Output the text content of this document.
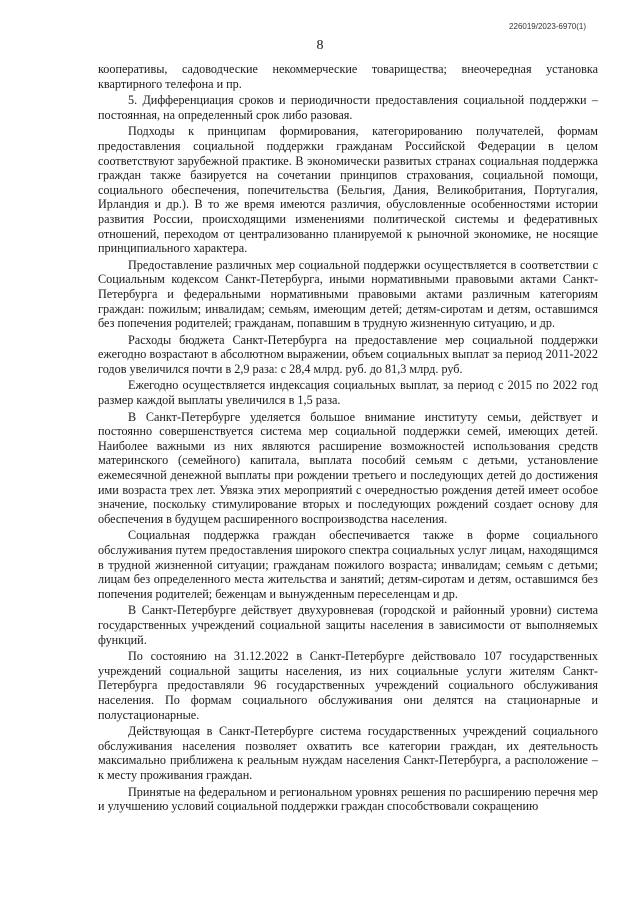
226019/2023-6970(1)
8

кооперативы, садоводческие некоммерческие товарищества; внеочередная установка квартирного телефона и пр.

5. Дифференциация сроков и периодичности предоставления социальной поддержки – постоянная, на определенный срок либо разовая.

Подходы к принципам формирования, категорированию получателей, формам предоставления социальной поддержки гражданам Российской Федерации в целом соответствуют зарубежной практике. В экономически развитых странах социальная поддержка граждан также базируется на сочетании принципов страхования, социальной помощи, социального обеспечения, попечительства (Бельгия, Дания, Великобритания, Португалия, Ирландия и др.). В то же время имеются различия, обусловленные особенностями истории развития России, происходящими изменениями политической системы и федеративных отношений, переходом от централизованно планируемой к рыночной экономике, не носящие принципиального характера.

Предоставление различных мер социальной поддержки осуществляется в соответствии с Социальным кодексом Санкт-Петербурга, иными нормативными правовыми актами Санкт-Петербурга и федеральными нормативными правовыми актами различным категориям граждан: пожилым; инвалидам; семьям, имеющим детей; детям-сиротам и детям, оставшимся без попечения родителей; гражданам, попавшим в трудную жизненную ситуацию, и др.

Расходы бюджета Санкт-Петербурга на предоставление мер социальной поддержки ежегодно возрастают в абсолютном выражении, объем социальных выплат за период 2011-2022 годов увеличился почти в 2,9 раза: с 28,4 млрд. руб. до 81,3 млрд. руб.

Ежегодно осуществляется индексация социальных выплат, за период с 2015 по 2022 год размер каждой выплаты увеличился в 1,5 раза.

В Санкт-Петербурге уделяется большое внимание институту семьи, действует и постоянно совершенствуется система мер социальной поддержки семей, имеющих детей. Наиболее важными из них являются расширение возможностей использования средств материнского (семейного) капитала, выплата пособий семьям с детьми, установление ежемесячной денежной выплаты при рождении третьего и последующих детей до достижения ими возраста трех лет. Увязка этих мероприятий с очередностью рождения детей имеет особое значение, поскольку стимулирование вторых и последующих рождений создает основу для обеспечения в будущем расширенного воспроизводства населения.

Социальная поддержка граждан обеспечивается также в форме социального обслуживания путем предоставления широкого спектра социальных услуг лицам, находящимся в трудной жизненной ситуации; гражданам пожилого возраста; инвалидам; семьям с детьми; лицам без определенного места жительства и занятий; детям-сиротам и детям, оставшимся без попечения родителей; беженцам и вынужденным переселенцам и др.

В Санкт-Петербурге действует двухуровневая (городской и районный уровни) система государственных учреждений социальной защиты населения в зависимости от выполняемых функций.

По состоянию на 31.12.2022 в Санкт-Петербурге действовало 107 государственных учреждений социальной защиты населения, из них социальные услуги жителям Санкт-Петербурга предоставляли 96 государственных учреждений социального обслуживания населения. По формам социального обслуживания они делятся на стационарные и полустационарные.

Действующая в Санкт-Петербурге система государственных учреждений социального обслуживания населения позволяет охватить все категории граждан, их деятельность максимально приближена к реальным нуждам населения Санкт-Петербурга, а расположение – к месту проживания граждан.

Принятые на федеральном и региональном уровнях решения по расширению перечня мер и улучшению условий социальной поддержки граждан способствовали сокращению
